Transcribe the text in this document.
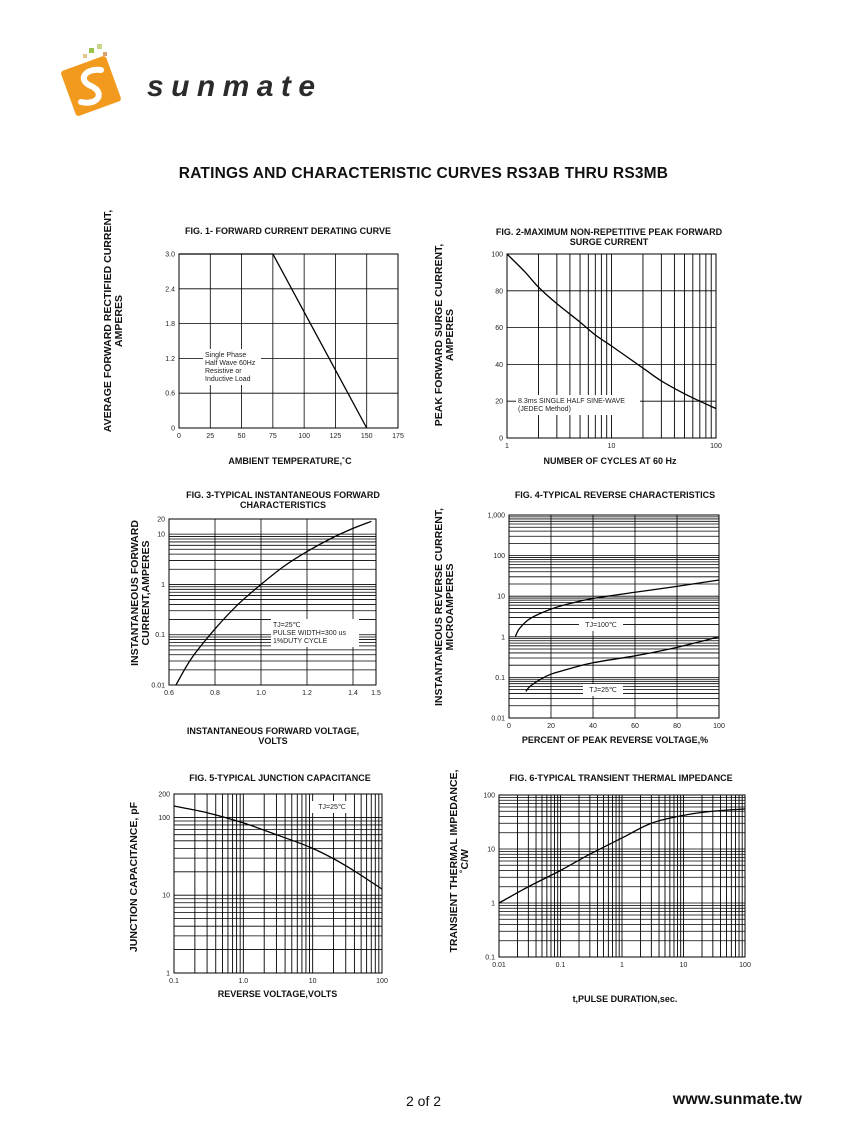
sunmate
RATINGS AND CHARACTERISTIC CURVES RS3AB THRU RS3MB
FIG. 1- FORWARD CURRENT DERATING CURVE
AVERAGE FORWARD RECTIFIED CURRENT, AMPERES
AMBIENT TEMPERATURE,˚C
FIG. 2-MAXIMUM NON-REPETITIVE PEAK FORWARD
SURGE CURRENT
PEAK FORWARD SURGE CURRENT, AMPERES
NUMBER OF CYCLES AT 60 Hz
FIG. 3-TYPICAL INSTANTANEOUS FORWARD
CHARACTERISTICS
INSTANTANEOUS FORWARD CURRENT,AMPERES
INSTANTANEOUS FORWARD VOLTAGE,
VOLTS
FIG. 4-TYPICAL REVERSE CHARACTERISTICS
INSTANTANEOUS REVERSE CURRENT, MICROAMPERES
PERCENT OF PEAK REVERSE VOLTAGE,%
FIG. 5-TYPICAL JUNCTION CAPACITANCE
JUNCTION CAPACITANCE, pF
REVERSE VOLTAGE,VOLTS
FIG. 6-TYPICAL TRANSIENT THERMAL IMPEDANCE
TRANSIENT THERMAL IMPEDANCE, ˚C/W
t,PULSE DURATION,sec.
0	25	50	75	100	125	150	175
0
0.6
1.2
1.8
2.4
3.0
1	10	100
0
20
40
60
80
100
0.6	0.8	1.0	1.2	1.4 1.5
0.01
0.1
1
10
20
0	20	40	60	80	100
0.01
0.1
1
10
100
1,000
0.1	1.0	10	100
1
10
100
200
0.01	0.1	1	10	100
0.1
1
10
100
Single Phase
Half Wave 60Hz
Resistive or
Inductive Load
8.3ms SINGLE HALF SINE-WAVE
(JEDEC Method)
TJ=25℃
PULSE WIDTH=300 us
1%DUTY CYCLE
TJ=100℃
TJ=25℃
TJ=25℃
2 of 2	www.sunmate.tw
